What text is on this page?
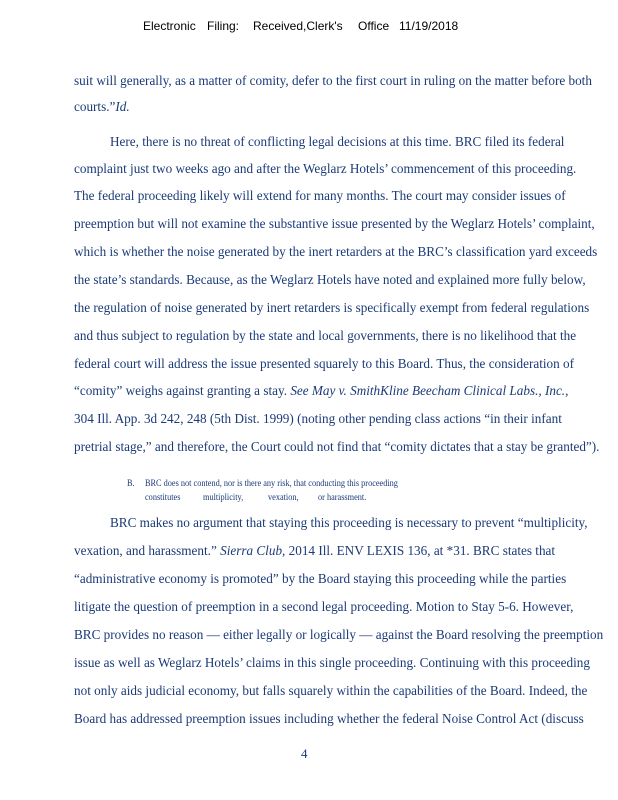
Electronic Filing: Received,Clerk's Office 11/19/2018
suit will generally, as a matter of comity, defer to the first court in ruling on the matter before both
courts.”Id.
Here, there is no threat of conflicting legal decisions at this time. BRC filed its federal
complaint just two weeks ago and after the Weglarz Hotels’ commencement of this proceeding.
The federal proceeding likely will extend for many months. The court may consider issues of
preemption but will not examine the substantive issue presented by the Weglarz Hotels’ complaint,
which is whether the noise generated by the inert retarders at the BRC’s classification yard exceeds
the state’s standards. Because, as the Weglarz Hotels have noted and explained more fully below,
the regulation of noise generated by inert retarders is specifically exempt from federal regulations
and thus subject to regulation by the state and local governments, there is no likelihood that the
federal court will address the issue presented squarely to this Board. Thus, the consideration of
“comity” weighs against granting a stay. See May v. SmithKline Beecham Clinical Labs., Inc.,
304 Ill. App. 3d 242, 248 (5th Dist. 1999) (noting other pending class actions “in their infant
pretrial stage,” and therefore, the Court could not find that “comity dictates that a stay be granted”).
B. BRC does not contend, nor is there any risk, that conducting this proceeding
constitutes	multiplicity,	vexation, or harassment.
BRC makes no argument that staying this proceeding is necessary to prevent “multiplicity,
vexation, and harassment.” Sierra Club, 2014 Ill. ENV LEXIS 136, at *31. BRC states that
“administrative economy is promoted” by the Board staying this proceeding while the parties
litigate the question of preemption in a second legal proceeding. Motion to Stay 5-6. However,
BRC provides no reason — either legally or logically — against the Board resolving the preemption
issue as well as Weglarz Hotels’ claims in this single proceeding. Continuing with this proceeding
not only aids judicial economy, but falls squarely within the capabilities of the Board. Indeed, the
Board has addressed preemption issues including whether the federal Noise Control Act (discuss
4
